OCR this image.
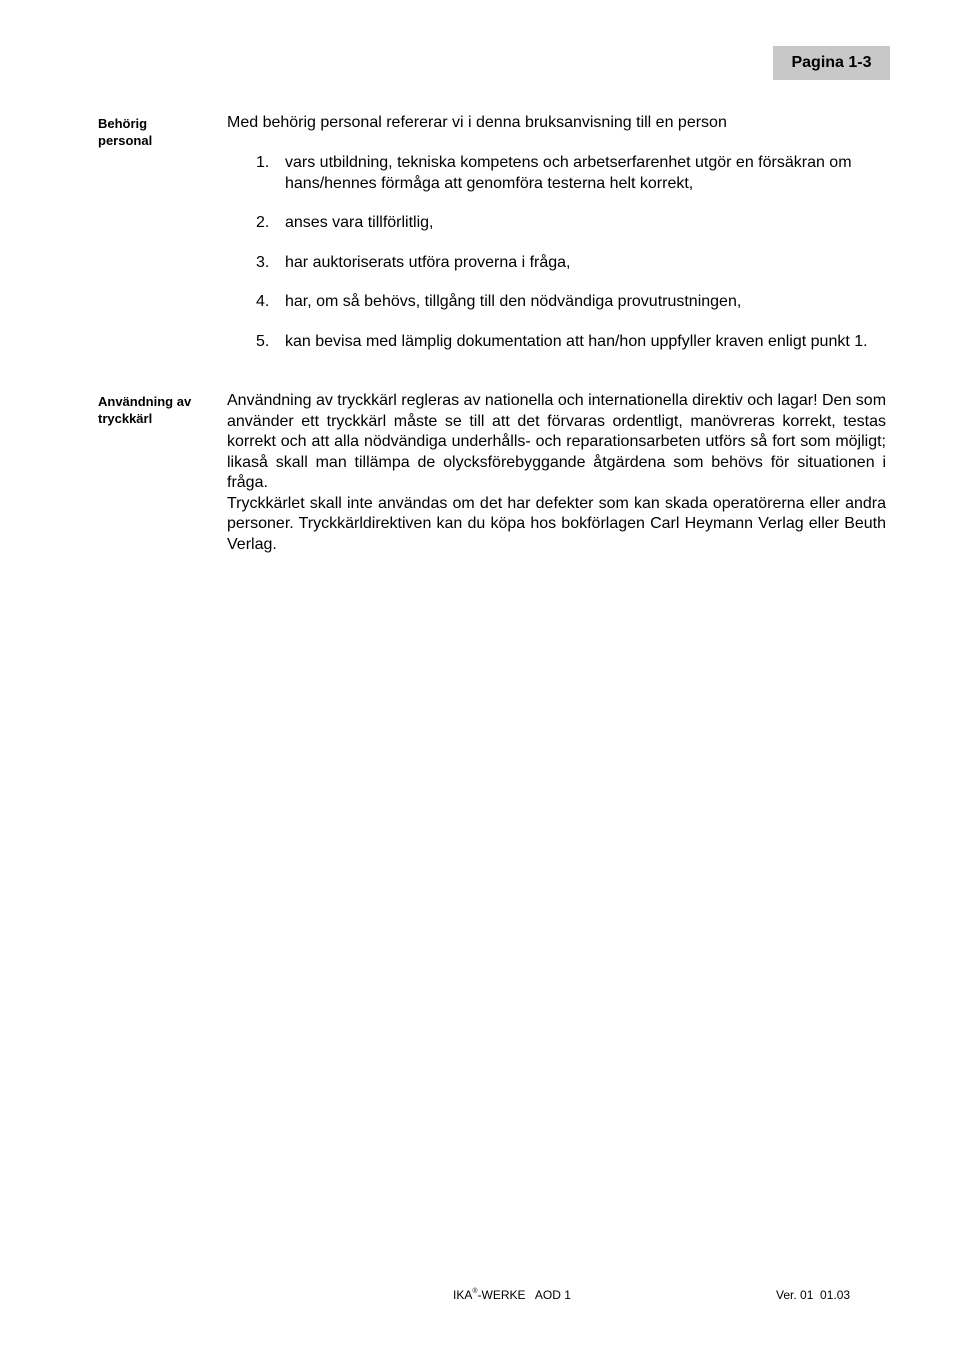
Pagina 1-3
Behörig
personal
Med behörig personal refererar vi i denna bruksanvisning till en person
1. vars utbildning, tekniska kompetens och arbetserfarenhet utgör en försäkran om hans/hennes förmåga att genomföra testerna helt korrekt,
2. anses vara tillförlitlig,
3. har auktoriserats utföra proverna i fråga,
4. har, om så behövs, tillgång till den nödvändiga provutrustningen,
5. kan bevisa med lämplig dokumentation att han/hon uppfyller kraven enligt punkt 1.
Användning av
tryckkärl

Användning av tryckkärl regleras av nationella och internationella direktiv och lagar! Den som använder ett tryckkärl måste se till att det förvaras ordentligt, manövreras korrekt, testas korrekt och att alla nödvändiga underhålls- och reparationsarbeten utförs så fort som möjligt; likaså skall man tillämpa de olycksförebyggande åtgärdena som behövs för situationen i fråga.

Tryckkärlet skall inte användas om det har defekter som kan skada operatörerna eller andra personer. Tryckkärldirektiven kan du köpa hos bokförlagen Carl Heymann Verlag eller Beuth Verlag.

IKA®-WERKE   AOD 1	Ver. 01  01.03
